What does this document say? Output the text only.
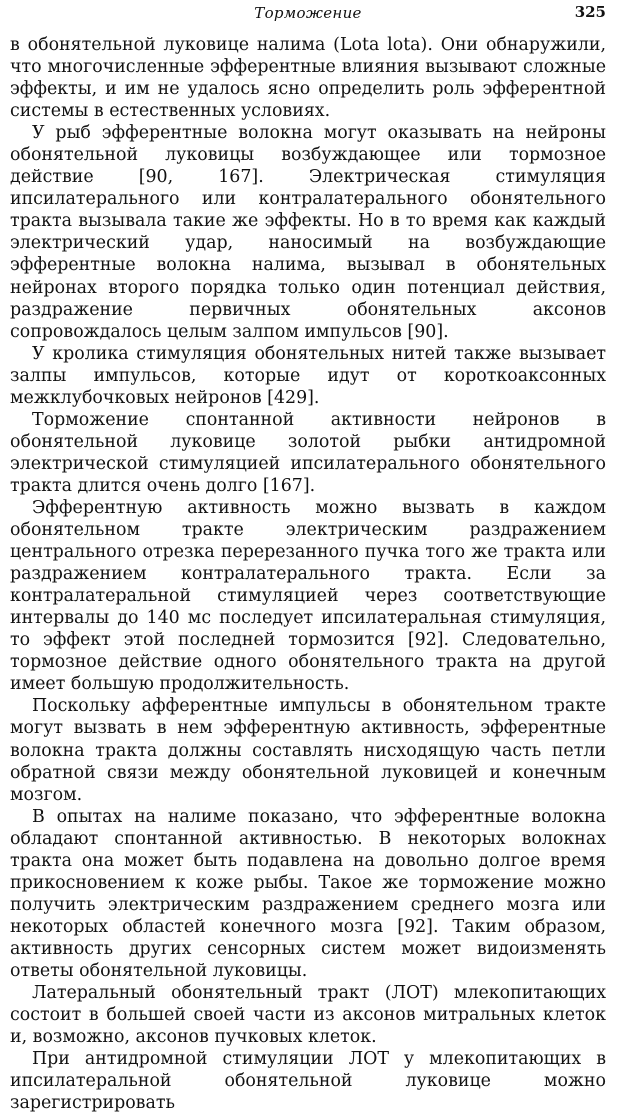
Торможение	325

в обонятельной луковице налима (Lota lota). Они обнаружили, что многочисленные эфферентные влияния вызывают сложные эффекты, и им не удалось ясно определить роль эфферентной системы в естественных условиях.

У рыб эфферентные волокна могут оказывать на нейроны обонятельной луковицы возбуждающее или тормозное действие [90, 167]. Электрическая стимуляция ипсилатерального или контралатерального обонятельного тракта вызывала такие же эффекты. Но в то время как каждый электрический удар, наносимый на возбуждающие эфферентные волокна налима, вызывал в обонятельных нейронах второго порядка только один потенциал действия, раздражение первичных обонятельных аксонов сопровождалось целым залпом импульсов [90].

У кролика стимуляция обонятельных нитей также вызывает залпы импульсов, которые идут от короткоаксонных межклубочковых нейронов [429].

Торможение спонтанной активности нейронов в обонятельной луковице золотой рыбки антидромной электрической стимуляцией ипсилатерального обонятельного тракта длится очень долго [167].

Эфферентную активность можно вызвать в каждом обонятельном тракте электрическим раздражением центрального отрезка перерезанного пучка того же тракта или раздражением контралатерального тракта. Если за контралатеральной стимуляцией через соответствующие интервалы до 140 мс последует ипсилатеральная стимуляция, то эффект этой последней тормозится [92]. Следовательно, тормозное действие одного обонятельного тракта на другой имеет большую продолжительность.

Поскольку афферентные импульсы в обонятельном тракте могут вызвать в нем эфферентную активность, эфферентные волокна тракта должны составлять нисходящую часть петли обратной связи между обонятельной луковицей и конечным мозгом.

В опытах на налиме показано, что эфферентные волокна обладают спонтанной активностью. В некоторых волокнах тракта она может быть подавлена на довольно долгое время прикосновением к коже рыбы. Такое же торможение можно получить электрическим раздражением среднего мозга или некоторых областей конечного мозга [92]. Таким образом, активность других сенсорных систем может видоизменять ответы обонятельной луковицы.

Латеральный обонятельный тракт (ЛОТ) млекопитающих состоит в большей своей части из аксонов митральных клеток и, возможно, аксонов пучковых клеток.

При антидромной стимуляции ЛОТ у млекопитающих в ипсилатеральной обонятельной луковице можно зарегистрировать
